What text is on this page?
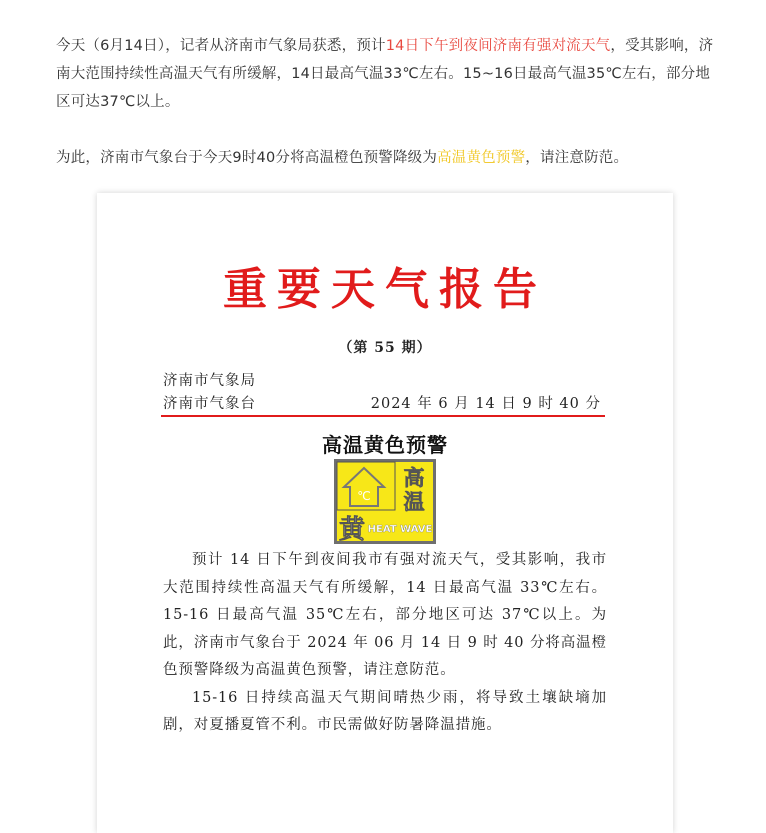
今天（6月14日），记者从济南市气象局获悉，预计14日下午到夜间济南有强对流天气，受其影响，济南大范围持续性高温天气有所缓解，14日最高气温33℃左右。15~16日最高气温35℃左右，部分地区可达37℃以上。

为此，济南市气象台于今天9时40分将高温橙色预警降级为高温黄色预警，请注意防范。

重要天气报告
（第 55 期）
济南市气象局
济南市气象台	2024 年 6 月 14 日 9 时 40 分
高温黄色预警
℃
高
温
黄 HEAT WAVE

预计 14 日下午到夜间我市有强对流天气，受其影响，我市大范围持续性高温天气有所缓解，14 日最高气温 33℃左右。15-16 日最高气温 35℃左右，部分地区可达 37℃以上。为此，济南市气象台于 2024 年 06 月 14 日 9 时 40 分将高温橙色预警降级为高温黄色预警，请注意防范。

15-16 日持续高温天气期间晴热少雨，将导致土壤缺墒加剧，对夏播夏管不利。市民需做好防暑降温措施。
